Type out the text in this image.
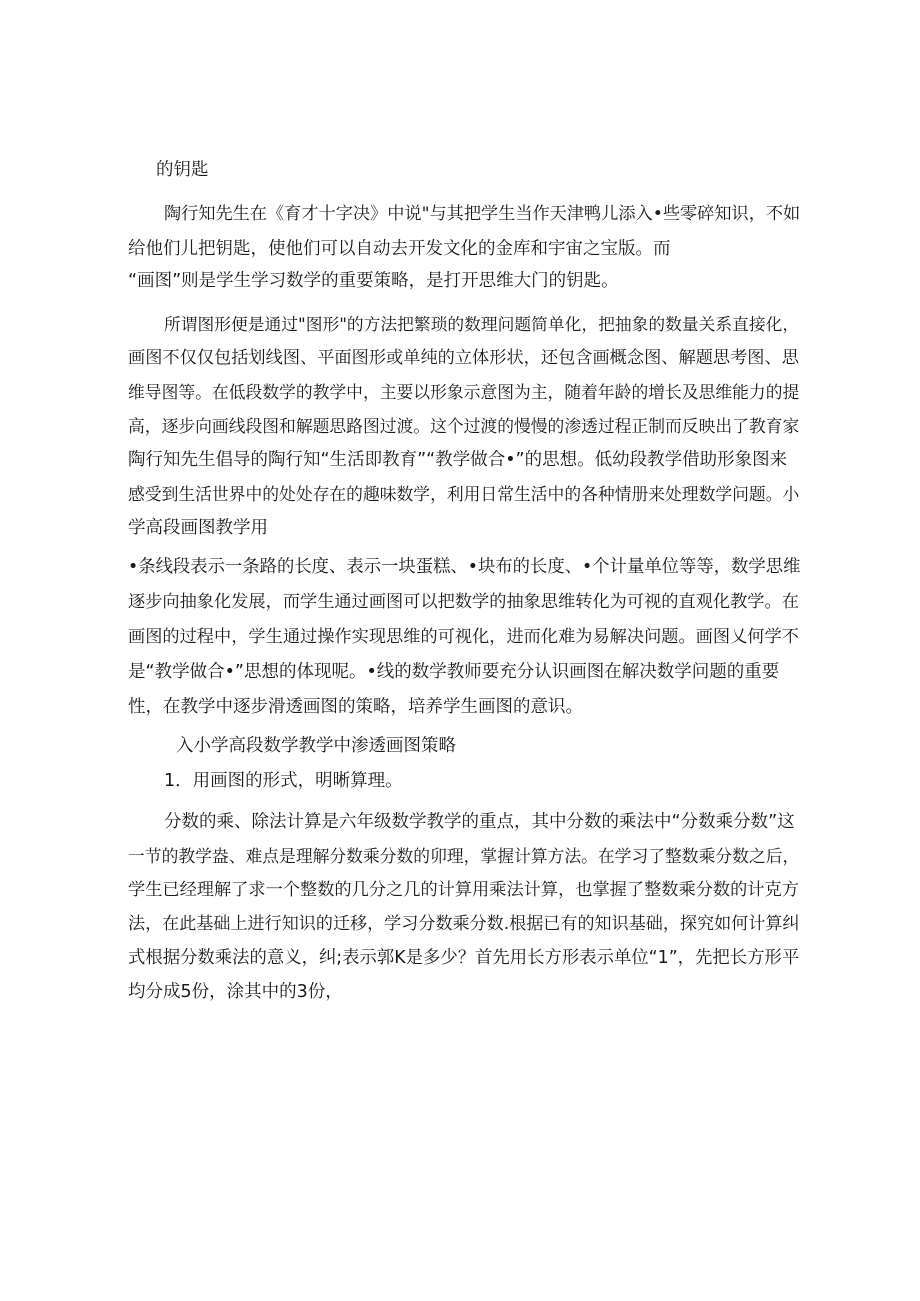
的钥匙
陶行知先生在《育才十字决》中说"与其把学生当作天津鸭儿添入•些零碎知识，不如
给他们儿把钥匙，使他们可以自动去开发文化的金库和宇宙之宝版。而
“画图”则是学生学习数学的重要策略，是打开思维大门的钥匙。
所谓图形便是通过"图形"的方法把繁琐的数理问题简单化，把抽象的数量关系直接化，
画图不仅仅包括划线图、平面图形或单纯的立体形状，还包含画概念图、解题思考图、思
维导图等。在低段数学的教学中，主要以形象示意图为主，随着年龄的增长及思维能力的提
高，逐步向画线段图和解题思路图过渡。这个过渡的慢慢的渗透过程正制而反映出了教育家
陶行知先生倡导的陶行知“生活即教育”“教学做合•”的思想。低幼段教学借助形象图来
感受到生活世界中的处处存在的趣味数学，利用日常生活中的各种情册来处理数学问题。小
学高段画图教学用
•条线段表示一条路的长度、表示一块蛋糕、•块布的长度、•个计量单位等等，数学思维
逐步向抽象化发展，而学生通过画图可以把数学的抽象思维转化为可视的直观化教学。在
画图的过程中，学生通过操作实现思维的可视化，进而化难为易解决问题。画图乂何学不
是“教学做合•”思想的体现呢。•线的数学教师要充分认识画图在解决数学问题的重要
性，在教学中逐步滑透画图的策略，培养学生画图的意识。
入小学高段数学教学中渗透画图策略
1．用画图的形式，明晰算理。
分数的乘、除法计算是六年级数学教学的重点，其中分数的乘法中“分数乘分数”这
一节的教学盎、难点是理解分数乘分数的卯理，掌握计算方法。在学习了整数乘分数之后，
学生已经理解了求一个整数的几分之几的计算用乘法计算，也掌握了整数乘分数的计克方
法，在此基础上进行知识的迁移，学习分数乘分数.根据已有的知识基础，探究如何计算纠
式根据分数乘法的意义，纠;表示郭K是多少？首先用长方形表示单位“1”，先把长方形平
均分成5份，涂其中的3份，
